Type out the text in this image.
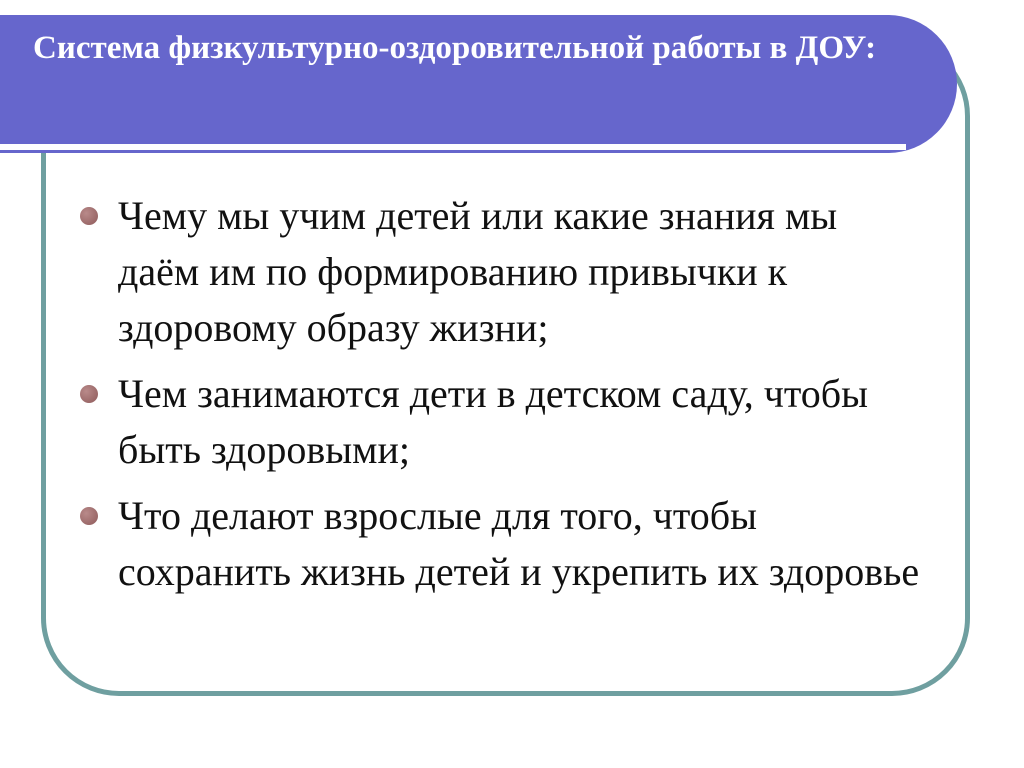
Система физкультурно-оздоровительной работы в ДОУ:
Чему мы учим детей или какие знания мы даём им по формированию привычки к здоровому образу жизни;
Чем занимаются дети в детском саду, чтобы быть здоровыми;
Что делают взрослые для того, чтобы сохранить жизнь детей и укрепить их здоровье
